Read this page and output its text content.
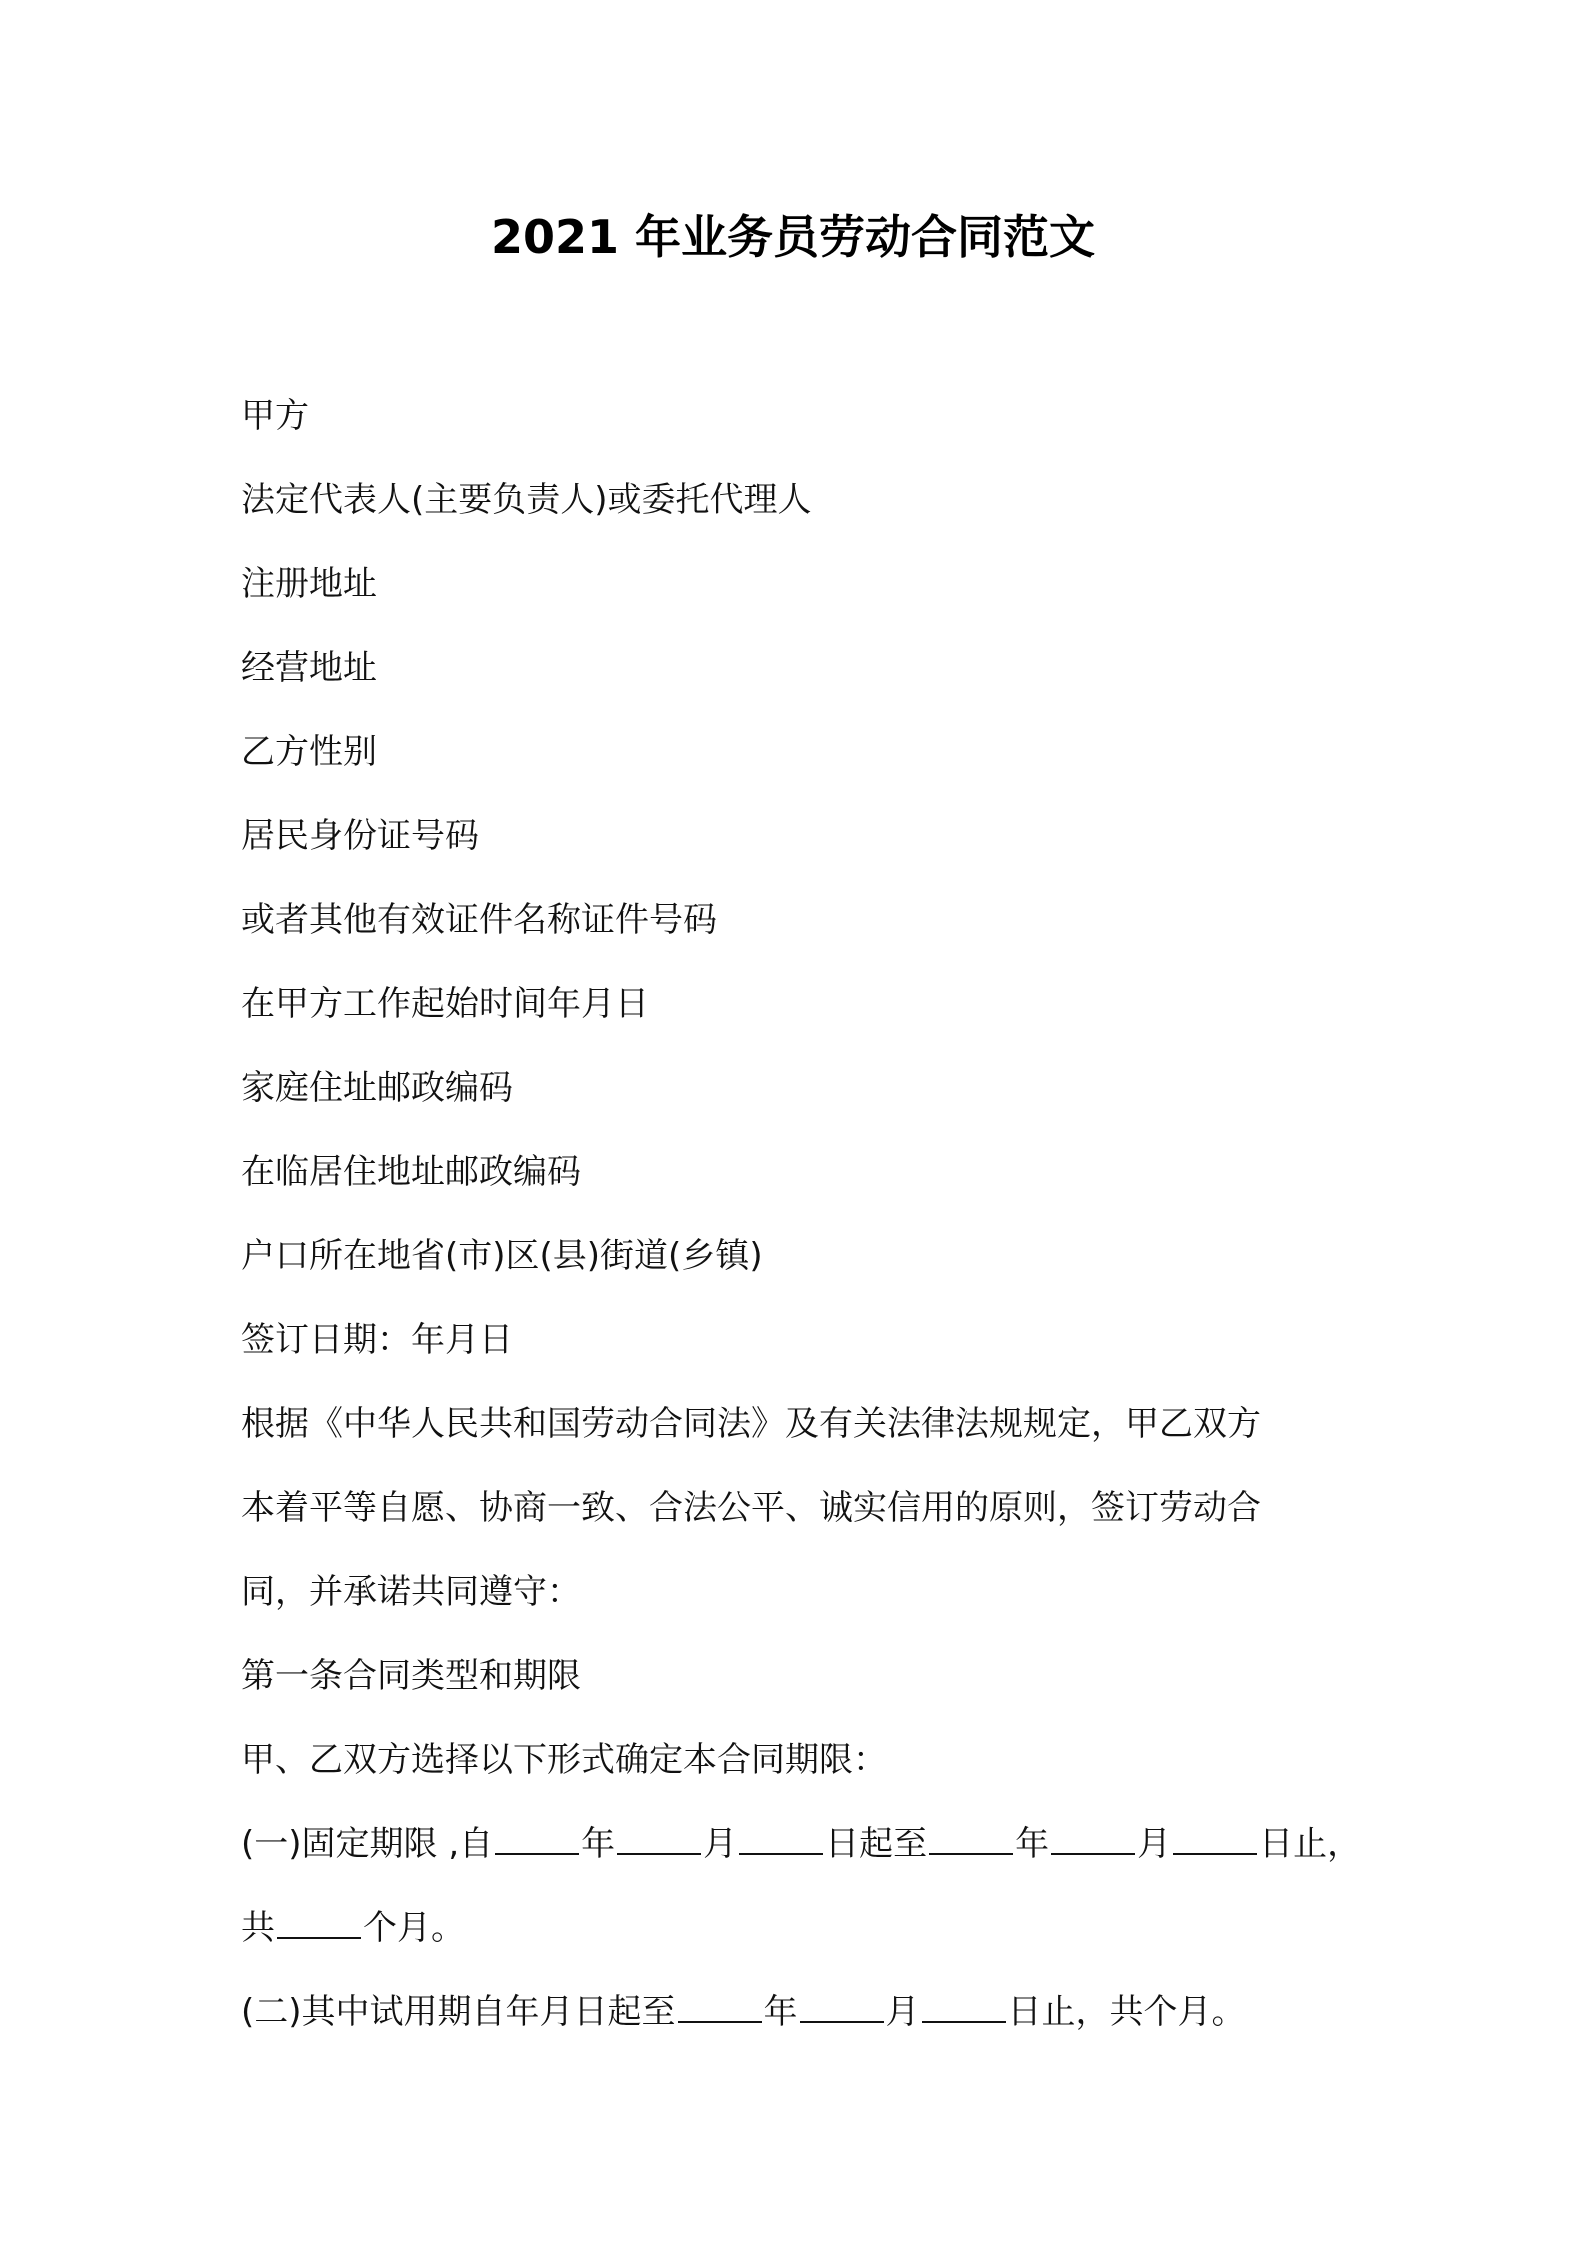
2021 年业务员劳动合同范文
甲方
法定代表人(主要负责人)或委托代理人
注册地址
经营地址
乙方性别
居民身份证号码
或者其他有效证件名称证件号码
在甲方工作起始时间年月日
家庭住址邮政编码
在临居住地址邮政编码
户口所在地省(市)区(县)街道(乡镇)
签订日期：年月日
根据《中华人民共和国劳动合同法》及有关法律法规规定，甲乙双方
本着平等自愿、协商一致、合法公平、诚实信用的原则，签订劳动合
同，并承诺共同遵守：
第一条合同类型和期限
甲、乙双方选择以下形式确定本合同期限：
(一)固定期限 ,自	年	月	日起至	年	月	日止，
共	个月。
(二)其中试用期自年月日起至	年	月	日止，共个月。
